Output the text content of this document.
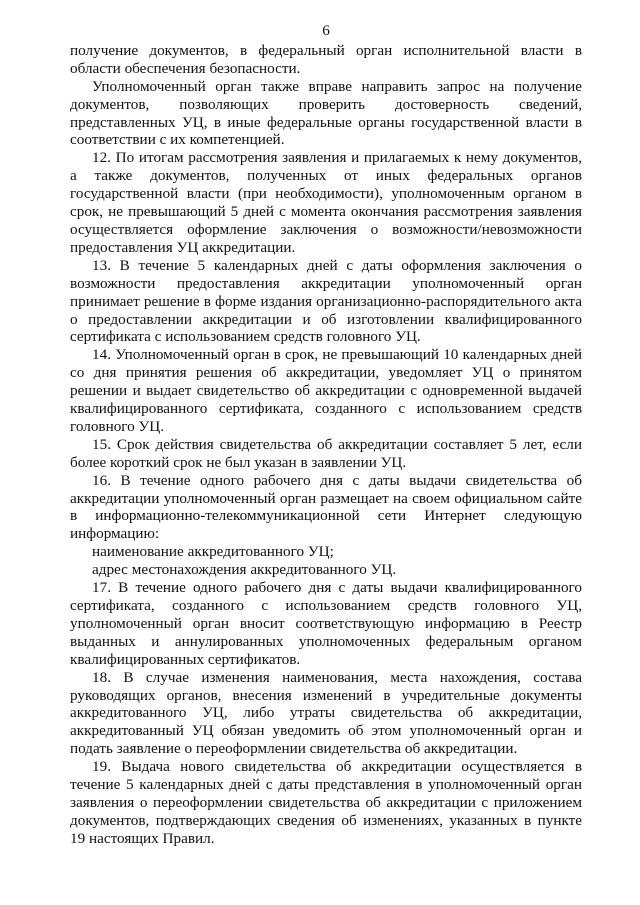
6

получение документов, в федеральный орган исполнительной власти в области обеспечения безопасности.

Уполномоченный орган также вправе направить запрос на получение документов, позволяющих проверить достоверность сведений, представленных УЦ, в иные федеральные органы государственной власти в соответствии с их компетенцией.

12. По итогам рассмотрения заявления и прилагаемых к нему документов, а также документов, полученных от иных федеральных органов государственной власти (при необходимости), уполномоченным органом в срок, не превышающий 5 дней с момента окончания рассмотрения заявления осуществляется оформление заключения о возможности/невозможности предоставления УЦ аккредитации.

13. В течение 5 календарных дней с даты оформления заключения о возможности предоставления аккредитации уполномоченный орган принимает решение в форме издания организационно-распорядительного акта о предоставлении аккредитации и об изготовлении квалифицированного сертификата с использованием средств головного УЦ.

14. Уполномоченный орган в срок, не превышающий 10 календарных дней со дня принятия решения об аккредитации, уведомляет УЦ о принятом решении и выдает свидетельство об аккредитации с одновременной выдачей квалифицированного сертификата, созданного с использованием средств головного УЦ.

15. Срок действия свидетельства об аккредитации составляет 5 лет, если более короткий срок не был указан в заявлении УЦ.

16. В течение одного рабочего дня с даты выдачи свидетельства об аккредитации уполномоченный орган размещает на своем официальном сайте в информационно-телекоммуникационной сети Интернет следующую информацию:

наименование аккредитованного УЦ;

адрес местонахождения аккредитованного УЦ.

17. В течение одного рабочего дня с даты выдачи квалифицированного сертификата, созданного с использованием средств головного УЦ, уполномоченный орган вносит соответствующую информацию в Реестр выданных и аннулированных уполномоченных федеральным органом квалифицированных сертификатов.

18. В случае изменения наименования, места нахождения, состава руководящих органов, внесения изменений в учредительные документы аккредитованного УЦ, либо утраты свидетельства об аккредитации, аккредитованный УЦ обязан уведомить об этом уполномоченный орган и подать заявление о переоформлении свидетельства об аккредитации.

19. Выдача нового свидетельства об аккредитации осуществляется в течение 5 календарных дней с даты представления в уполномоченный орган заявления о переоформлении свидетельства об аккредитации с приложением документов, подтверждающих сведения об изменениях, указанных в пункте 19 настоящих Правил.
